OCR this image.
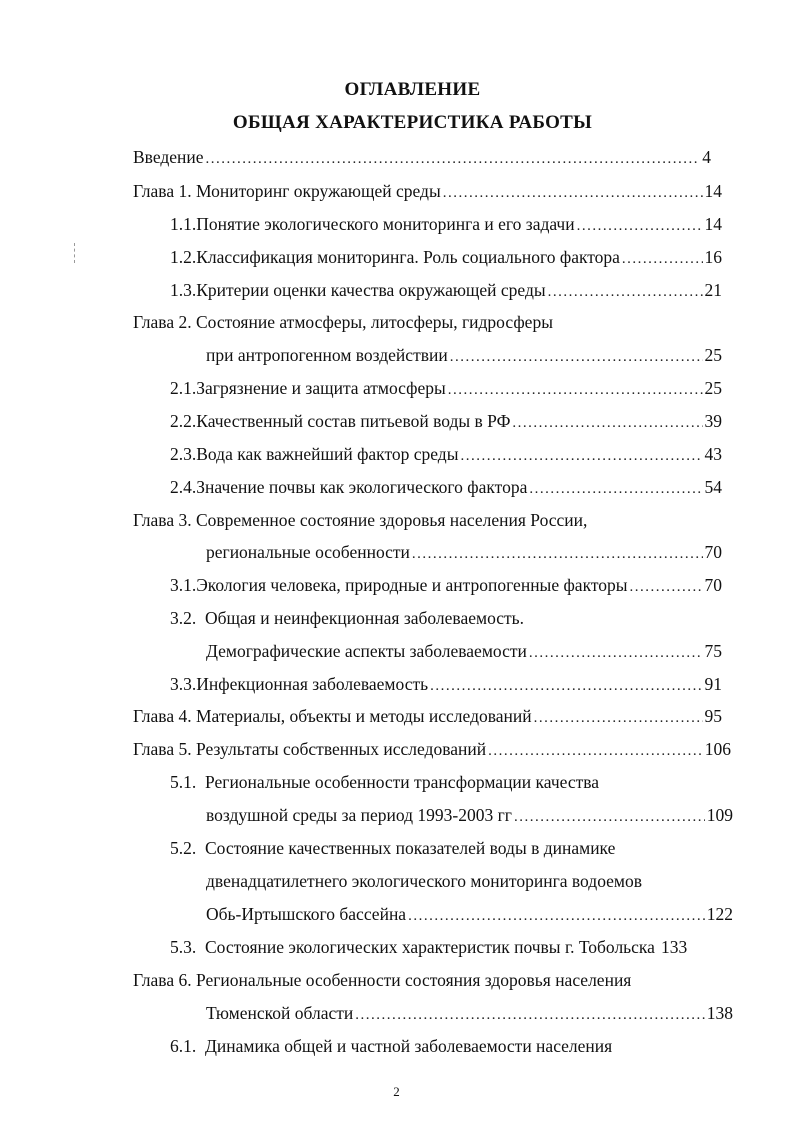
ОГЛАВЛЕНИЕ
ОБЩАЯ ХАРАКТЕРИСТИКА РАБОТЫ
Введение .....	4
Глава 1. Мониторинг окружающей среды .....	14
1.1. Понятие экологического мониторинга и его задачи .....	14
1.2. Классификация мониторинга. Роль социального фактора .....	16
1.3. Критерии оценки качества окружающей среды .....	21
Глава 2. Состояние атмосферы, литосферы, гидросферы
при антропогенном воздействии .....	25
2.1. Загрязнение и защита атмосферы .....	25
2.2. Качественный состав питьевой воды в РФ .....	39
2.3. Вода как важнейший фактор среды .....	43
2.4. Значение почвы как экологического фактора .....	54
Глава 3. Современное состояние здоровья населения России,
региональные особенности .....	70
3.1. Экология человека, природные и антропогенные факторы .....	70
3.2. Общая и неинфекционная заболеваемость.
Демографические аспекты заболеваемости .....	75
3.3. Инфекционная заболеваемость .....	91
Глава 4. Материалы, объекты и методы исследований .....	95
Глава 5. Результаты собственных исследований .....	106
5.1. Региональные особенности трансформации качества
воздушной среды за период 1993-2003 гг .....	109
5.2. Состояние качественных показателей воды в динамике
двенадцатилетнего экологического мониторинга водоемов
Обь-Иртышского бассейна .....	122
5.3. Состояние экологических характеристик почвы г. Тобольска 133
Глава 6. Региональные особенности состояния здоровья населения
Тюменской области .....	138
6.1. Динамика общей и частной заболеваемости населения
2
